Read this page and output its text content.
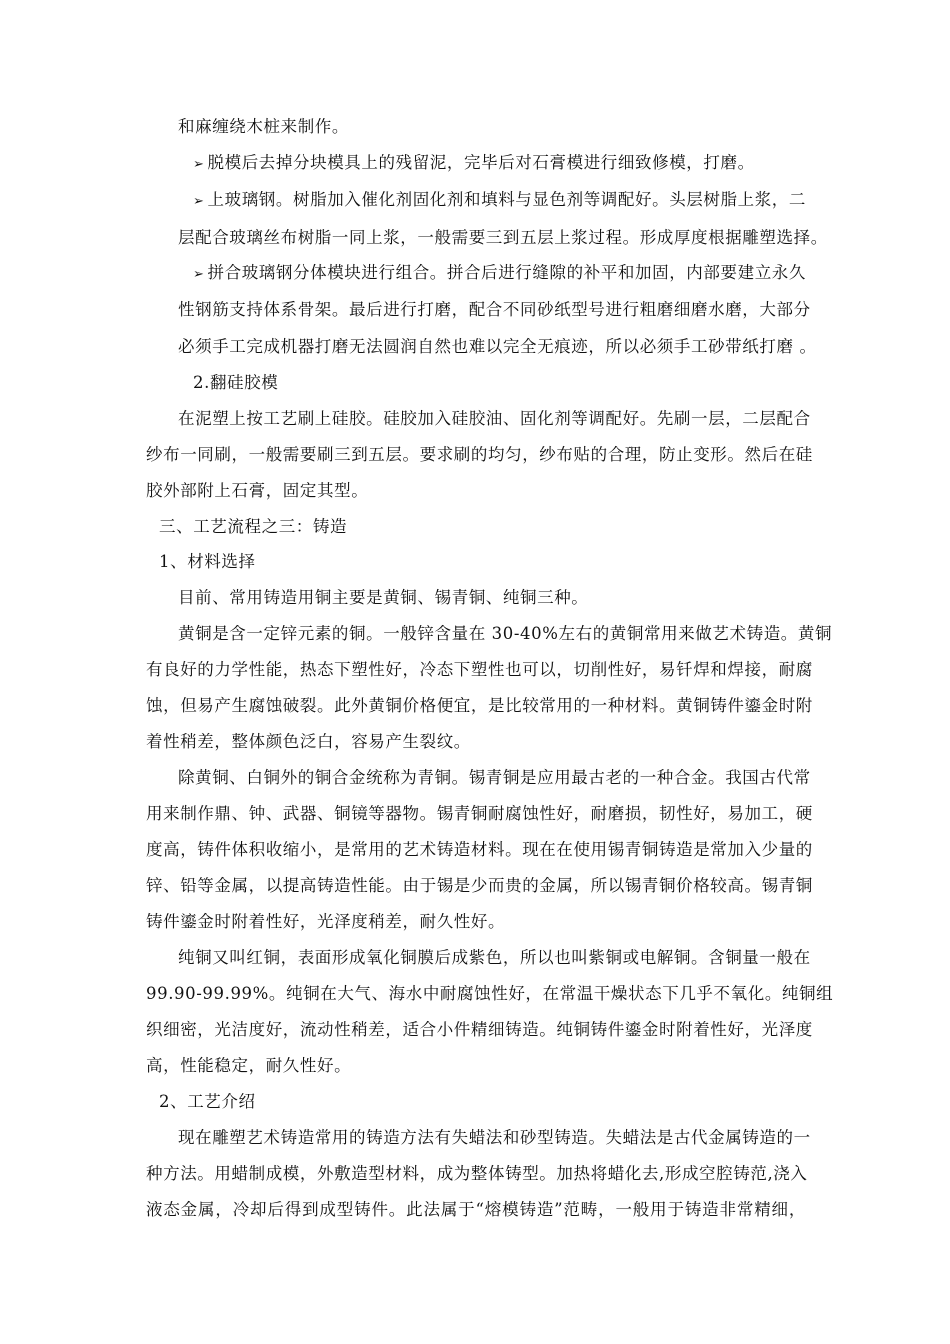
和麻缠绕木桩来制作。
➢ 脱模后去掉分块模具上的残留泥，完毕后对石膏模进行细致修模，打磨。
➢ 上玻璃钢。树脂加入催化剂固化剂和填料与显色剂等调配好。头层树脂上浆，二
层配合玻璃丝布树脂一同上浆，一般需要三到五层上浆过程。形成厚度根据雕塑选择。
➢ 拼合玻璃钢分体模块进行组合。拼合后进行缝隙的补平和加固，内部要建立永久
性钢筋支持体系骨架。最后进行打磨，配合不同砂纸型号进行粗磨细磨水磨，大部分
必须手工完成机器打磨无法圆润自然也难以完全无痕迹，所以必须手工砂带纸打磨 。
2.翻硅胶模
在泥塑上按工艺刷上硅胶。硅胶加入硅胶油、固化剂等调配好。先刷一层，二层配合
纱布一同刷，一般需要刷三到五层。要求刷的均匀，纱布贴的合理，防止变形。然后在硅
胶外部附上石膏，固定其型。
三、工艺流程之三：铸造
1、材料选择
目前、常用铸造用铜主要是黄铜、锡青铜、纯铜三种。
黄铜是含一定锌元素的铜。一般锌含量在 30-40%左右的黄铜常用来做艺术铸造。黄铜
有良好的力学性能，热态下塑性好，冷态下塑性也可以，切削性好，易钎焊和焊接，耐腐
蚀，但易产生腐蚀破裂。此外黄铜价格便宜，是比较常用的一种材料。黄铜铸件鎏金时附
着性稍差，整体颜色泛白，容易产生裂纹。
除黄铜、白铜外的铜合金统称为青铜。锡青铜是应用最古老的一种合金。我国古代常
用来制作鼎、钟、武器、铜镜等器物。锡青铜耐腐蚀性好，耐磨损，韧性好，易加工，硬
度高，铸件体积收缩小，是常用的艺术铸造材料。现在在使用锡青铜铸造是常加入少量的
锌、铅等金属，以提高铸造性能。由于锡是少而贵的金属，所以锡青铜价格较高。锡青铜
铸件鎏金时附着性好，光泽度稍差，耐久性好。
纯铜又叫红铜，表面形成氧化铜膜后成紫色，所以也叫紫铜或电解铜。含铜量一般在
99.90-99.99%。纯铜在大气、海水中耐腐蚀性好，在常温干燥状态下几乎不氧化。纯铜组
织细密，光洁度好，流动性稍差，适合小件精细铸造。纯铜铸件鎏金时附着性好，光泽度
高，性能稳定，耐久性好。
2、工艺介绍
现在雕塑艺术铸造常用的铸造方法有失蜡法和砂型铸造。失蜡法是古代金属铸造的一
种方法。用蜡制成模，外敷造型材料，成为整体铸型。加热将蜡化去,形成空腔铸范,浇入
液态金属，冷却后得到成型铸件。此法属于“熔模铸造”范畴，一般用于铸造非常精细，
